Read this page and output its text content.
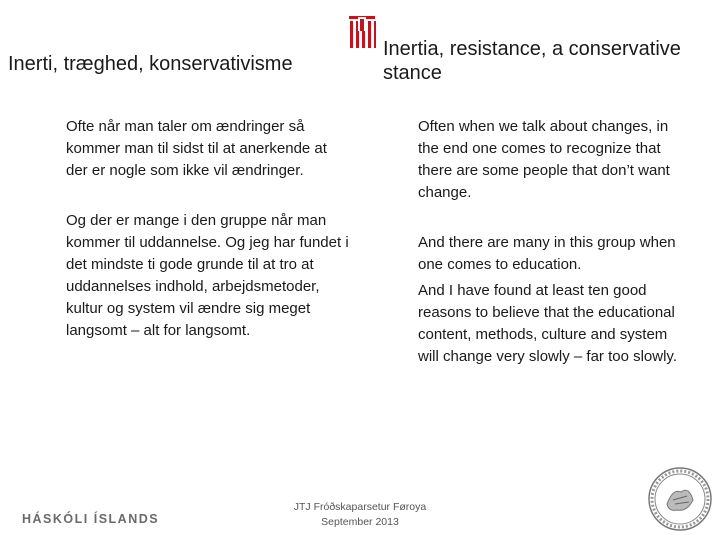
Inerti, træghed, konservativisme
Inertia, resistance, a conservative stance

Ofte når man taler om ændringer så kommer man til sidst til at anerkende at der er nogle som ikke vil ændringer.

Og der er mange i den gruppe når man kommer til uddannelse. Og jeg har fundet i det mindste ti gode grunde til at tro at uddannelses indhold, arbejdsmetoder, kultur og system vil ændre sig meget langsomt – alt for langsomt.

Often when we talk about changes, in the end one comes to recognize that there are some people that don’t want change.

And there are many in this group when one comes to education.

And I have found at least ten good reasons to believe that the educational content, methods, culture and system will change very slowly – far too slowly.

HÁSKÓLI ÍSLANDS
JTJ Fróðskaparsetur Føroya
September 2013
